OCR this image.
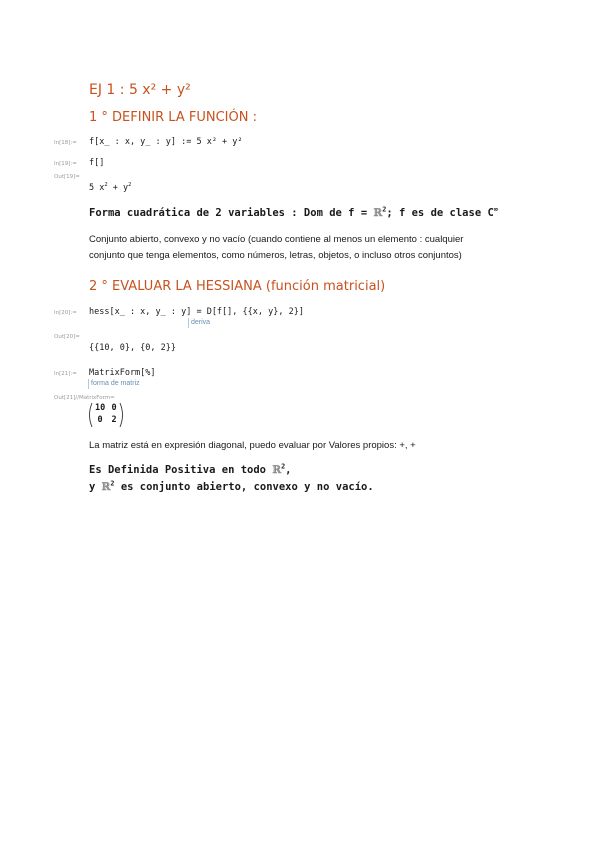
EJ 1 : 5 x² + y²
1 ° DEFINIR LA FUNCIÓN :
In[18]:= f[x_ : x, y_ : y] := 5 x² + y²
In[19]:= f[]
Out[19]=
5 $x^2 + y^2$
Forma cuadrática de 2 variables : Dom de f = ℝ$^2$; f es de clase C∞
Conjunto abierto, convexo y no vacío (cuando contiene al menos un elemento : cualquier
conjunto que tenga elementos, como números, letras, objetos, o incluso otros conjuntos)
2 ° EVALUAR LA HESSIANA (función matricial)
In[20]:= hess[x_ : x, y_ : y] = D[f[], {{x, y}, 2}]
deriva
Out[20]=
{{10, 0}, {0, 2}}
In[21]:= MatrixForm[%]
forma de matriz
Out[21]//MatrixForm=
10 0
0 2
La matriz está en expresión diagonal, puedo evaluar por Valores propios: +, +
Es Definida Positiva en todo ℝ$^2$,
y ℝ$^2$ es conjunto abierto, convexo y no vacío.
